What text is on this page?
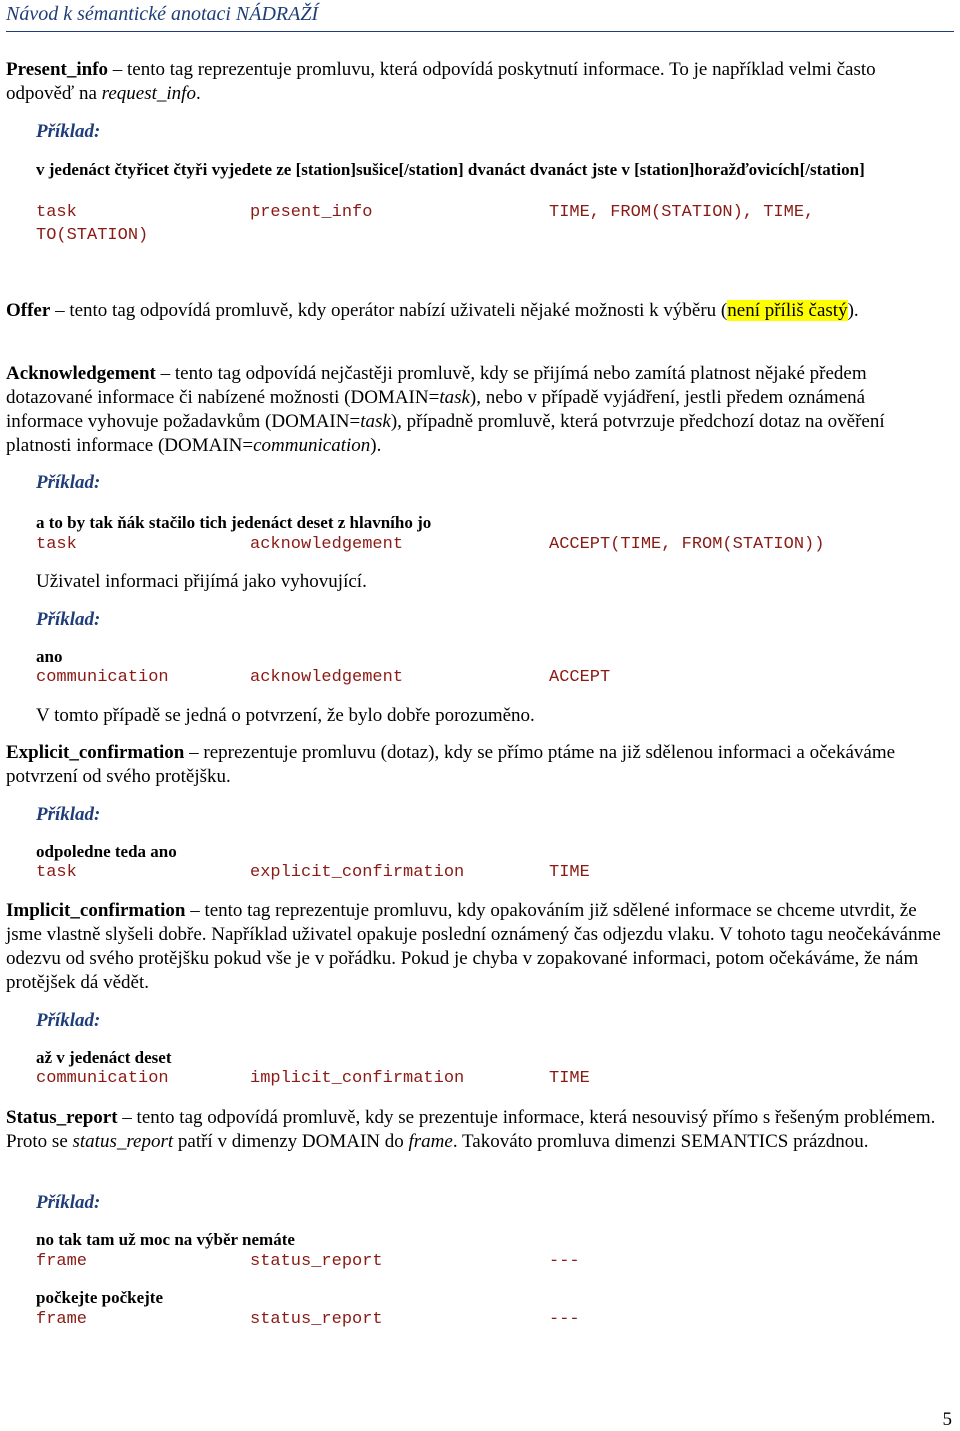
Návod k sémantické anotaci NÁDRAŽÍ
Present_info – tento tag reprezentuje promluvu, která odpovídá poskytnutí informace. To je například velmi často odpověď na request_info.
Příklad:
v jedenáct čtyřicet čtyři vyjedete ze [station]sušice[/station] dvanáct dvanáct jste v [station]horažďovicích[/station]
task	present_info	TIME, FROM(STATION), TIME,
TO(STATION)
Offer – tento tag odpovídá promluvě, kdy operátor nabízí uživateli nějaké možnosti k výběru (není příliš častý).
Acknowledgement – tento tag odpovídá nejčastěji promluvě, kdy se přijímá nebo zamítá platnost nějaké předem dotazované informace či nabízené možnosti (DOMAIN=task), nebo v případě vyjádření, jestli předem oznámená informace vyhovuje požadavkům (DOMAIN=task), případně promluvě, která potvrzuje předchozí dotaz na ověření platnosti informace (DOMAIN=communication).
Příklad:
a to by tak ňák stačilo tich jedenáct deset z hlavního jo
task	acknowledgement	ACCEPT(TIME, FROM(STATION))
Uživatel informaci přijímá jako vyhovující.
Příklad:
ano
communication	acknowledgement	ACCEPT
V tomto případě se jedná o potvrzení, že bylo dobře porozuměno.
Explicit_confirmation – reprezentuje promluvu (dotaz), kdy se přímo ptáme na již sdělenou informaci a očekáváme potvrzení od svého protějšku.
Příklad:
odpoledne teda ano
task	explicit_confirmation	TIME
Implicit_confirmation – tento tag reprezentuje promluvu, kdy opakováním již sdělené informace se chceme utvrdit, že jsme vlastně slyšeli dobře. Například uživatel opakuje poslední oznámený čas odjezdu vlaku. V tohoto tagu neočekávánme odezvu od svého protějšku pokud vše je v pořádku. Pokud je chyba v zopakované informaci, potom očekáváme, že nám protějšek dá vědět.
Příklad:
až v jedenáct deset
communication	implicit_confirmation	TIME
Status_report – tento tag odpovídá promluvě, kdy se prezentuje informace, která nesouvisý přímo s řešeným problémem. Proto se status_report patří v dimenzy DOMAIN do frame. Takováto promluva dimenzi SEMANTICS prázdnou.
Příklad:
no tak tam už moc na výběr nemáte
frame	status_report	---
počkejte počkejte
frame	status_report	---
5
